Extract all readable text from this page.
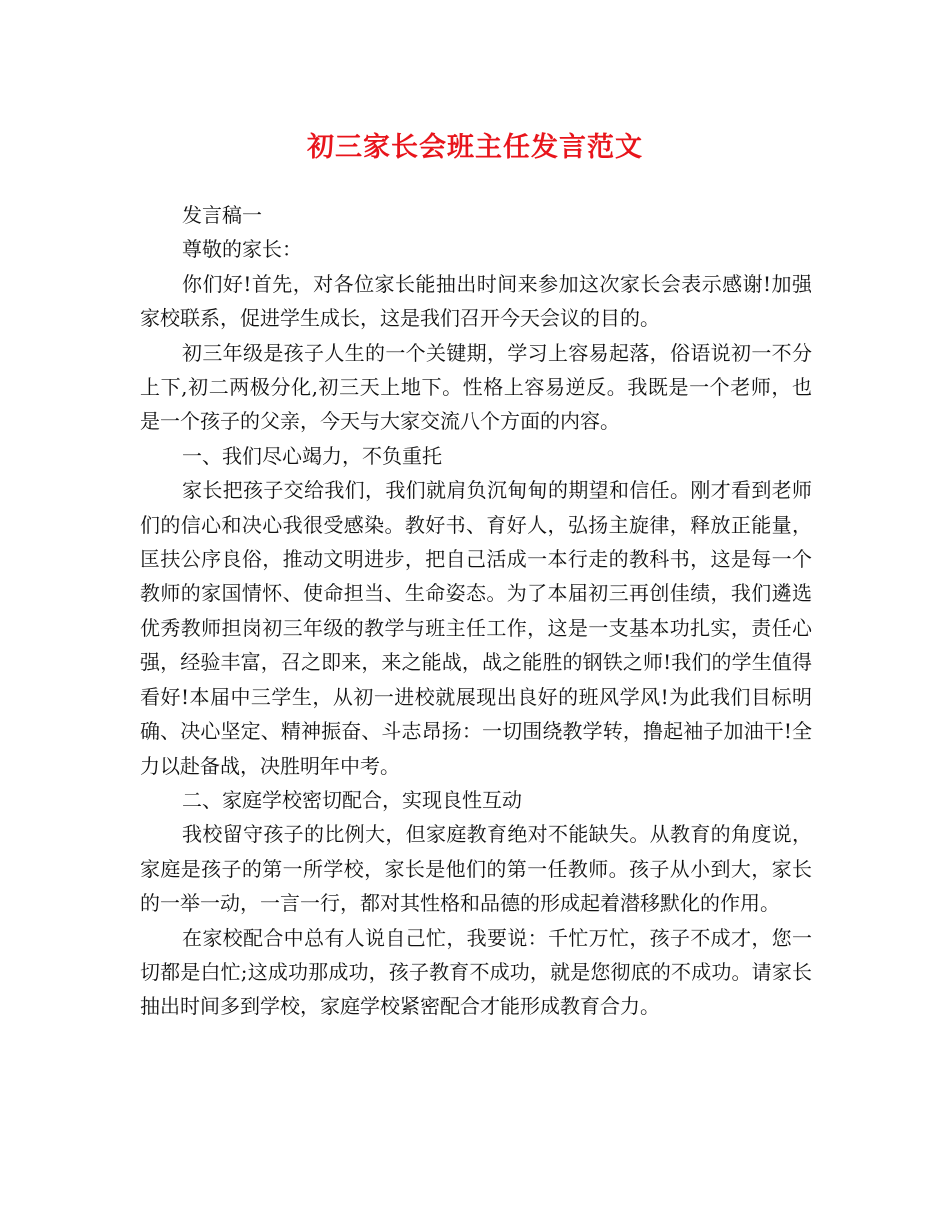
初三家长会班主任发言范文

发言稿一

尊敬的家长：

你们好!首先，对各位家长能抽出时间来参加这次家长会表示感谢!加强家校联系，促进学生成长，这是我们召开今天会议的目的。

初三年级是孩子人生的一个关键期，学习上容易起落，俗语说初一不分上下,初二两极分化,初三天上地下。性格上容易逆反。我既是一个老师，也是一个孩子的父亲，今天与大家交流八个方面的内容。

一、我们尽心竭力，不负重托

家长把孩子交给我们，我们就肩负沉甸甸的期望和信任。刚才看到老师们的信心和决心我很受感染。教好书、育好人，弘扬主旋律，释放正能量，匡扶公序良俗，推动文明进步，把自己活成一本行走的教科书，这是每一个教师的家国情怀、使命担当、生命姿态。为了本届初三再创佳绩，我们遴选优秀教师担岗初三年级的教学与班主任工作，这是一支基本功扎实，责任心强，经验丰富，召之即来，来之能战，战之能胜的钢铁之师!我们的学生值得看好!本届中三学生，从初一进校就展现出良好的班风学风!为此我们目标明确、决心坚定、精神振奋、斗志昂扬：一切围绕教学转，撸起袖子加油干!全力以赴备战，决胜明年中考。

二、家庭学校密切配合，实现良性互动

我校留守孩子的比例大，但家庭教育绝对不能缺失。从教育的角度说，家庭是孩子的第一所学校，家长是他们的第一任教师。孩子从小到大，家长的一举一动，一言一行，都对其性格和品德的形成起着潜移默化的作用。

在家校配合中总有人说自己忙，我要说：千忙万忙，孩子不成才，您一切都是白忙;这成功那成功，孩子教育不成功，就是您彻底的不成功。请家长抽出时间多到学校，家庭学校紧密配合才能形成教育合力。
